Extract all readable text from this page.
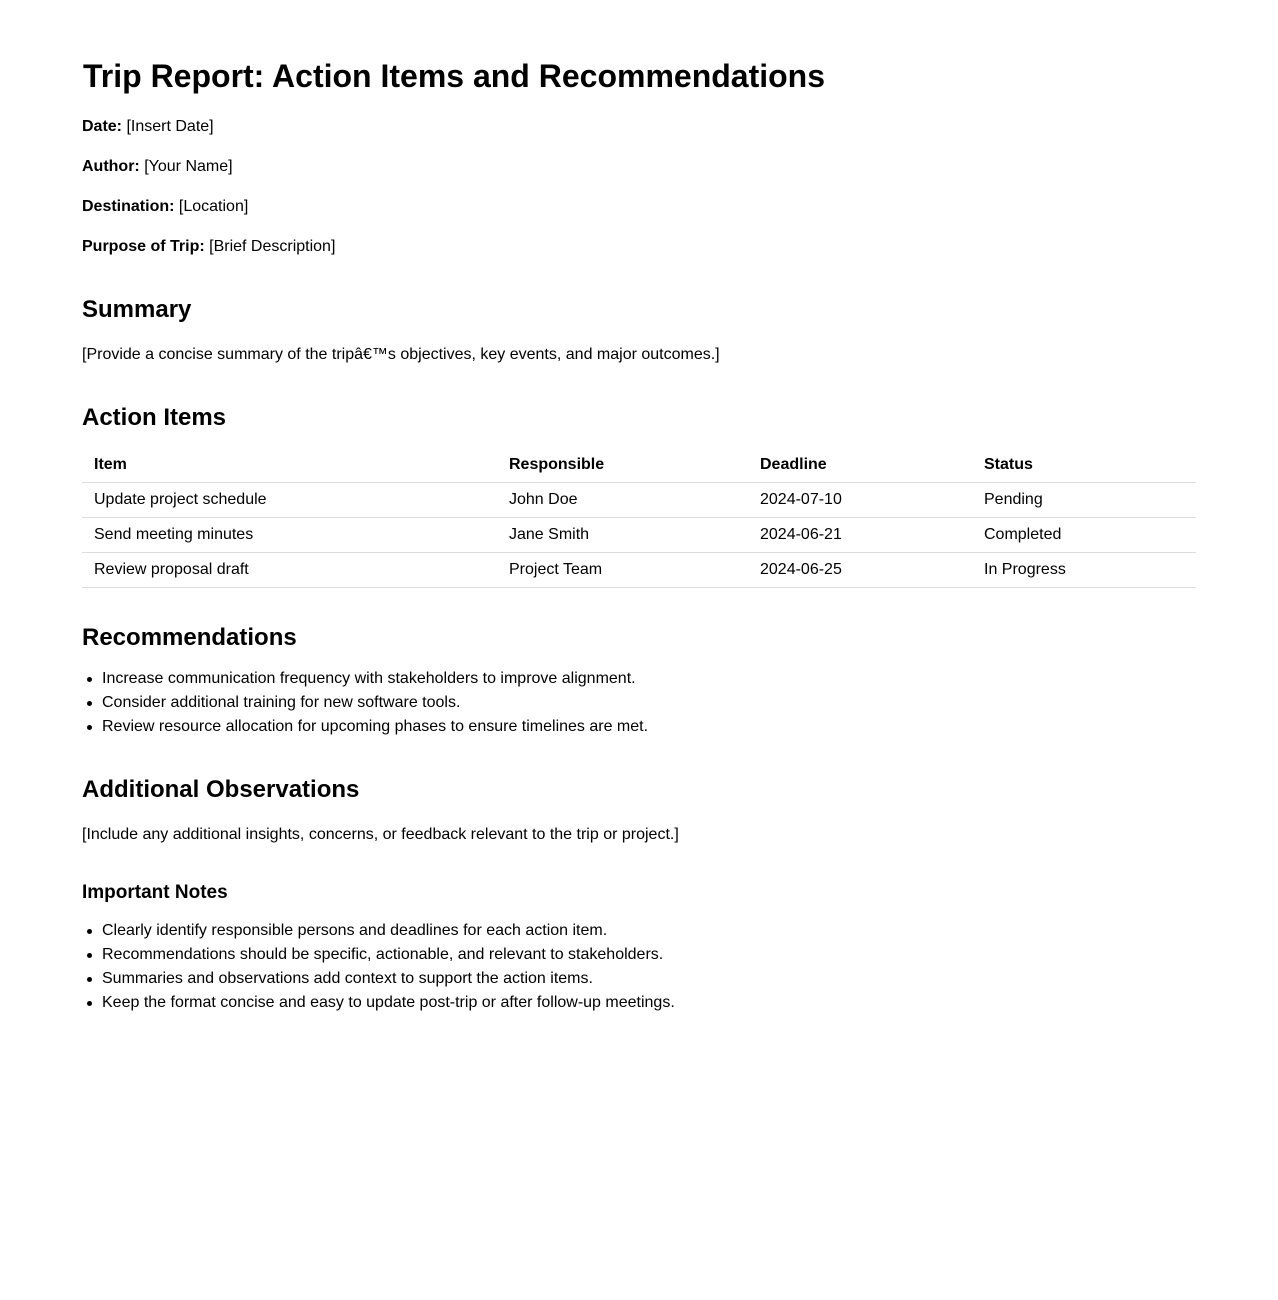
Trip Report: Action Items and Recommendations

Date: [Insert Date]

Author: [Your Name]

Destination: [Location]

Purpose of Trip: [Brief Description]

Summary

[Provide a concise summary of the tripâ€™s objectives, key events, and major outcomes.]

Action Items
Item	Responsible	Deadline	Status
Update project schedule	John Doe	2024-07-10	Pending
Send meeting minutes	Jane Smith	2024-06-21	Completed
Review proposal draft	Project Team	2024-06-25	In Progress
Recommendations
Increase communication frequency with stakeholders to improve alignment.
Consider additional training for new software tools.
Review resource allocation for upcoming phases to ensure timelines are met.
Additional Observations

[Include any additional insights, concerns, or feedback relevant to the trip or project.]

Important Notes
Clearly identify responsible persons and deadlines for each action item.
Recommendations should be specific, actionable, and relevant to stakeholders.
Summaries and observations add context to support the action items.
Keep the format concise and easy to update post-trip or after follow-up meetings.
